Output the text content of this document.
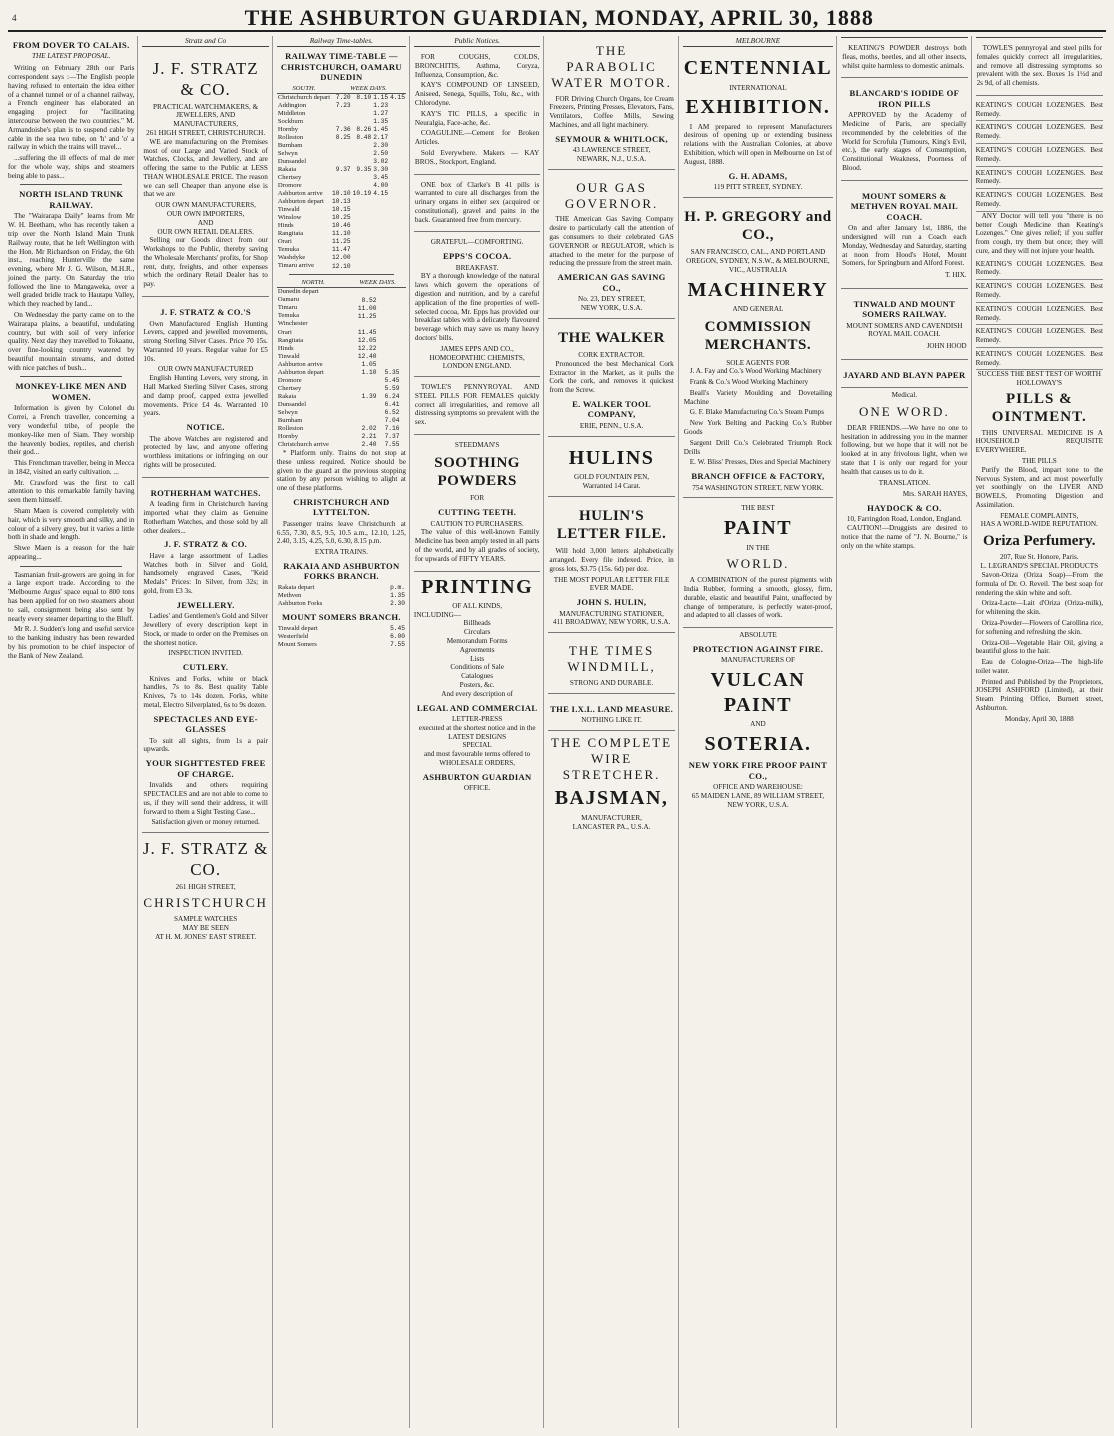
4	THE ASHBURTON GUARDIAN, MONDAY, APRIL 30, 1888
FROM DOVER TO CALAIS.
THE LATEST PROPOSAL.
Writing on February 28th our Paris correspondent says :—The English people having refused to entertain the idea either of a channel tunnel or of a channel railway, a French engineer has elaborated an engaging project for "facilitating intercourse between the two countries." M. Armandoisbe's plan is to suspend cable by cable in the sea two tube, on 'h' and 'o' a railway in which the trains will travel...
...suffering the ill effects of mal de mer for the whole way, ships and steamers being able to pass...
NORTH ISLAND TRUNK RAILWAY.
The "Wairarapa Daily" learns from Mr W. H. Beetham, who has recently taken a trip over the North Island Main Trunk Railway route, that he left Wellington with the Hon. Mr Richardson on Friday, the 6th inst., reaching Hunterville the same evening, where Mr J. G. Wilson, M.H.R., joined the party. On Saturday the trio followed the line to Mangaweka, over a well graded bridle track to Hautapu Valley, which they reached by land...
On Wednesday the party came on to the Wairarapa plains, a beautiful, undulating country, but with soil of very inferior quality. Next day they travelled to Tokaanu, over fine-looking country watered by beautiful mountain streams, and dotted with nice patches of bush...
MONKEY-LIKE MEN AND WOMEN.
Information is given by Colonel du Correi, a French traveller, concerning a very wonderful tribe, of people the monkey-like men of Siam. They worship the heavenly bodies, reptiles, and cherish their god...
This Frenchman traveller, being in Mecca in 1842, visited an early cultivation. ...
Mr. Crawford was the first to call attention to this remarkable family having seen them himself.
Sham Maen is covered completely with hair, which is very smooth and silky, and in colour of a silvery grey, but it varies a little both in shade and length.
Shwe Maen is a reason for the hair appearing...
Tasmanian fruit-growers are going in for a large export trade. According to the 'Melbourne Argus' space equal to 800 tons has been applied for on two steamers about to sail, consignment being also sent by nearly every steamer departing to the Bluff.
Mr R. J. Sudden's long and useful service to the banking industry has been rewarded by his promotion to be chief inspector of the Bank of New Zealand.
Stratz and Co
J. F. STRATZ & CO.
PRACTICAL WATCHMAKERS, & JEWELLERS, AND MANUFACTURERS,
261 HIGH STREET, CHRISTCHURCH.
WE are manufacturing on the Premises most of our Large and Varied Stock of Watches, Clocks, and Jewellery, and are offering the same to the Public at LESS THAN WHOLESALE PRICE. The reason we can sell Cheaper than anyone else is that we are
OUR OWN MANUFACTURERS,
OUR OWN IMPORTERS,
AND
OUR OWN RETAIL DEALERS.
Selling our Goods direct from our Workshops to the Public, thereby saving the Wholesale Merchants' profits, for Shop rent, duty, freights, and other expenses which the ordinary Retail Dealer has to pay.
J. F. STRATZ & CO.'S
Own Manufactured English Hunting Levers, capped and jewelled movements, strong Sterling Silver Cases. Price 70 15s. Warranted 10 years. Regular value for £5 10s.
OUR OWN MANUFACTURED
English Hunting Levers, very strong, in Hall Marked Sterling Silver Cases, strong and damp proof, capped extra jewelled movements. Price £4 4s. Warranted 10 years.
NOTICE.
The above Watches are registered and protected by law, and anyone offering worthless imitations or infringing on our rights will be prosecuted.
ROTHERHAM WATCHES.
A leading firm in Christchurch having imported what they claim as Genuine Rotherham Watches, and those sold by all other dealers...
J. F. STRATZ & CO.
Have a large assortment of Ladies Watches both in Silver and Gold, handsomely engraved Cases, "Keid Medals" Prices: In Silver, from 32s; in gold, from £3 3s.
JEWELLERY.
Ladies' and Gentlemen's Gold and Silver Jewellery of every description kept in Stock, or made to order on the Premises on the shortest notice.
INSPECTION INVITED.
CUTLERY.
Knives and Forks, white or black handles, 7s to 8s. Best quality Table Knives, 7s to 14s dozen. Forks, white metal, Electro Silverplated, 6s to 9s dozen.
SPECTACLES AND EYE-GLASSES
To suit all sights, from 1s a pair upwards.
YOUR SIGHTTESTED FREE OF CHARGE.
Invalids and others requiring SPECTACLES and are not able to come to us, if they will send their address, it will forward to them a Sight Testing Case...
Satisfaction given or money returned.
J. F. STRATZ & CO.
261 HIGH STREET,
CHRISTCHURCH
SAMPLE WATCHES
MAY BE SEEN
AT H. M. JONES' EAST STREET.
Railway Time-tables.
RAILWAY TIME-TABLE — CHRISTCHURCH, OAMARU DUNEDIN
SOUTH.	WEEK DAYS.			
Christchurch depart	7.20	8.10	1.15	4.15
Addington	7.23		1.23	
Middleton			1.27	
Sockburn			1.35	
Hornby	7.36	8.26	1.45	
Rolleston	8.25	8.48	2.17	
Burnham			2.30	
Selwyn			2.50	
Dunsandel			3.02	
Rakaia	9.37	9.35	3.30	
Chertsey			3.45	
Dromore			4.00	
Ashburton arrive	10.10	10.19	4.15	
Ashburton depart	10.13			
Tinwald	10.15			
Winslow	10.25			
Hinds	10.46			
Rangitata	11.10			
Orari	11.25			
Temuka	11.47			
Washdyke	12.00			
Timaru arrive	12.10			
NORTH.	WEEK DAYS.			
Dunedin depart				
Oamaru	8.52			
Timaru	11.00			
Temuka	11.25			
Winchester				
Orari	11.45			
Rangitata	12.05			
Hinds	12.22			
Tinwald	12.40			
Ashburton arrive	1.05			
Ashburton depart	1.10	5.35		
Dromore		5.45		
Chertsey		5.59		
Rakaia	1.39	6.24		
Dunsandel		6.41		
Selwyn		6.52		
Burnham		7.04		
Rolleston	2.02	7.16		
Hornby	2.21	7.37		
Christchurch arrive	2.40	7.55		
* Platform only. Trains do not stop at these unless required. Notice should be given to the guard at the previous stopping station by any person wishing to alight at one of these platforms.
CHRISTCHURCH AND LYTTELTON.
Passenger trains leave Christchurch at 6.55, 7.30, 8.5, 9.5, 10.5 a.m., 12.10, 1.25, 2.40, 3.15, 4.25, 5.0, 6.30, 8.15 p.m.
EXTRA TRAINS.
RAKAIA AND ASHBURTON FORKS BRANCH.
Rakaia depart	p.m.
Methven	1.35
Ashburton Forks	2.30
MOUNT SOMERS BRANCH.
Tinwald depart	5.45
Westerfield	6.00
Mount Somers	7.55
Public Notices.
FOR COUGHS, COLDS, BRONCHITIS, Asthma, Coryza, Influenza, Consumption, &c.
KAY'S COMPOUND OF LINSEED, Aniseed, Senega, Squills, Tolu, &c., with Chlorodyne.
KAY'S TIC PILLS, a specific in Neuralgia, Face-ache, &c.
COAGULINE.—Cement for Broken Articles.
Sold Everywhere. Makers — KAY BROS., Stockport, England.
ONE box of Clarke's B 41 pills is warranted to cure all discharges from the urinary organs in either sex (acquired or constitutional), gravel and pains in the back. Guaranteed free from mercury.
GRATEFUL—COMFORTING.
EPPS'S COCOA.
BREAKFAST.
BY a thorough knowledge of the natural laws which govern the operations of digestion and nutrition, and by a careful application of the fine properties of well-selected cocoa, Mr. Epps has provided our breakfast tables with a delicately flavoured beverage which may save us many heavy doctors' bills.
JAMES EPPS AND CO., HOMOEOPATHIC CHEMISTS, LONDON ENGLAND.
TOWLE'S PENNYROYAL AND STEEL PILLS FOR FEMALES quickly correct all irregularities, and remove all distressing symptoms so prevalent with the sex.
STEEDMAN'S
SOOTHING POWDERS
FOR
CUTTING TEETH.
CAUTION TO PURCHASERS.
The value of this well-known Family Medicine has been amply tested in all parts of the world, and by all grades of society, for upwards of FIFTY YEARS.
PRINTING
OF ALL KINDS,
INCLUDING—
Billheads
Circulars
Memorandum Forms
Agreements
Lists
Conditions of Sale
Catalogues
Posters, &c.
And every description of
LEGAL AND COMMERCIAL
LETTER-PRESS
executed at the shortest notice and in the
LATEST DESIGNS
SPECIAL
and most favourable terms offered to
WHOLESALE ORDERS,
ASHBURTON GUARDIAN
OFFICE.
THE PARABOLIC WATER MOTOR.
FOR Driving Church Organs, Ice Cream Freezers, Printing Presses, Elevators, Fans, Ventilators, Coffee Mills, Sewing Machines, and all light machinery.
SEYMOUR & WHITLOCK,
43 LAWRENCE STREET,
NEWARK, N.J., U.S.A.
OUR GAS GOVERNOR.
THE American Gas Saving Company desire to particularly call the attention of gas consumers to their celebrated GAS GOVERNOR or REGULATOR, which is attached to the meter for the purpose of reducing the pressure from the street main.
AMERICAN GAS SAVING CO.,
No. 23, DEY STREET,
NEW YORK, U.S.A.
THE WALKER
CORK EXTRACTOR.
Pronounced the best Mechanical Cork Extractor in the Market, as it pulls the Cork the cork, and removes it quickest from the Screw.
E. WALKER TOOL COMPANY,
ERIE, PENN., U.S.A.
HULINS
GOLD FOUNTAIN PEN,
Warranted 14 Carat.
HULIN'S LETTER FILE.
Will hold 3,000 letters alphabetically arranged. Every file indexed. Price, in gross lots, $3.75 (15s. 6d) per doz.
THE MOST POPULAR LETTER FILE EVER MADE.
JOHN S. HULIN,
MANUFACTURING STATIONER,
411 BROADWAY, NEW YORK, U.S.A.
THE TIMES WINDMILL,
STRONG AND DURABLE.
THE I.X.L. LAND MEASURE.
NOTHING LIKE IT.
THE COMPLETE WIRE STRETCHER.
BAJSMAN,
MANUFACTURER,
LANCASTER PA., U.S.A.
MELBOURNE
CENTENNIAL
INTERNATIONAL
EXHIBITION.
I AM prepared to represent Manufacturers desirous of opening up or extending business relations with the Australian Colonies, at above Exhibition, which will open in Melbourne on 1st of August, 1888.
G. H. ADAMS,
119 PITT STREET, SYDNEY.
H. P. GREGORY and CO.,
SAN FRANCISCO, CAL., AND PORTLAND OREGON, SYDNEY, N.S.W., & MELBOURNE, VIC., AUSTRALIA
MACHINERY
AND GENERAL
COMMISSION MERCHANTS.
SOLE AGENTS FOR
J. A. Fay and Co.'s Wood Working Machinery
Frank & Co.'s Wood Working Machinery
Beall's Variety Moulding and Dovetailing Machine
G. F. Blake Manufacturing Co.'s Steam Pumps
New York Belting and Packing Co.'s Rubber Goods
Sargent Drill Co.'s Celebrated Triumph Rock Drills
E. W. Bliss' Presses, Dies and Special Machinery
BRANCH OFFICE & FACTORY,
754 WASHINGTON STREET, NEW YORK.
THE BEST
PAINT
IN THE
WORLD.
A COMBINATION of the purest pigments with India Rubber, forming a smooth, glossy, firm, durable, elastic and beautiful Paint, unaffected by change of temperature, is perfectly water-proof, and adapted to all classes of work.
ABSOLUTE
PROTECTION AGAINST FIRE.
MANUFACTURERS OF
VULCAN PAINT
AND
SOTERIA.
NEW YORK FIRE PROOF PAINT CO.,
OFFICE AND WAREHOUSE:
65 MAIDEN LANE, 89 WILLIAM STREET, NEW YORK, U.S.A.
KEATING'S POWDER destroys both fleas, moths, beetles, and all other insects, whilst quite harmless to domestic animals.
BLANCARD'S IODIDE OF IRON PILLS
APPROVED by the Academy of Medicine of Paris, are specially recommended by the celebrities of the World for Scrofula (Tumours, King's Evil, etc.), the early stages of Consumption, Constitutional Weakness, Poorness of Blood.
MOUNT SOMERS & METHVEN ROYAL MAIL COACH.
On and after January 1st, 1886, the undersigned will run a Coach each Monday, Wednesday and Saturday, starting at noon from Hood's Hotel, Mount Somers, for Springburn and Alford Forest.
T. HIX.
TINWALD AND MOUNT SOMERS RAILWAY.
MOUNT SOMERS AND CAVENDISH ROYAL MAIL COACH.
JOHN HOOD
JAYARD AND BLAYN PAPER
Medical.
ONE WORD.
DEAR FRIENDS.—We have no one to hesitation in addressing you in the manner following, but we hope that it will not be looked at in any frivolous light, when we state that I is only our regard for your health that causes us to do it.
TRANSLATION.
Mrs. SARAH HAYES,
HAYDOCK & CO.
10, Farringdon Road, London, England.
CAUTION!—Druggists are desired to notice that the name of "J. N. Bourne," is only on the white stamps.
TOWLE'S pennyroyal and steel pills for females quickly correct all irregularities, and remove all distressing symptoms so prevalent with the sex. Boxes 1s 1½d and 2s 9d, of all chemists.
KEATING'S COUGH LOZENGES. Best Remedy.
KEATING'S COUGH LOZENGES. Best Remedy.
KEATING'S COUGH LOZENGES. Best Remedy.
KEATING'S COUGH LOZENGES. Best Remedy.
KEATING'S COUGH LOZENGES. Best Remedy.
ANY Doctor will tell you "there is no better Cough Medicine than Keating's Lozenges." One gives relief; if you suffer from cough, try them but once; they will cure, and they will not injure your health.
KEATING'S COUGH LOZENGES. Best Remedy.
KEATING'S COUGH LOZENGES. Best Remedy.
KEATING'S COUGH LOZENGES. Best Remedy.
KEATING'S COUGH LOZENGES. Best Remedy.
KEATING'S COUGH LOZENGES. Best Remedy.
SUCCESS THE BEST TEST OF WORTH
HOLLOWAY'S
PILLS & OINTMENT.
THIS UNIVERSAL MEDICINE IS A HOUSEHOLD REQUISITE EVERYWHERE.
THE PILLS
Purify the Blood, impart tone to the Nervous System, and act most powerfully yet soothingly on the LIVER AND BOWELS, Promoting Digestion and Assimilation.
FEMALE COMPLAINTS,
HAS A WORLD-WIDE REPUTATION.
Oriza Perfumery.
207, Rue St. Honore, Paris.
L. LEGRAND'S SPECIAL PRODUCTS
Savon-Oriza (Oriza Soap)—From the formula of Dr. O. Reveil. The best soap for rendering the skin white and soft.
Oriza-Lacte—Lait d'Oriza (Oriza-milk), for whitening the skin.
Oriza-Powder—Flowers of Carollina rice, for softening and refreshing the skin.
Oriza-Oil—Vegetable Hair Oil, giving a beautiful gloss to the hair.
Eau de Cologne-Oriza—The high-life toilet water.
Printed and Published by the Proprietors, JOSEPH ASHFORD (Limited), at their Steam Printing Office, Burnett street, Ashburton.
Monday, April 30, 1888
